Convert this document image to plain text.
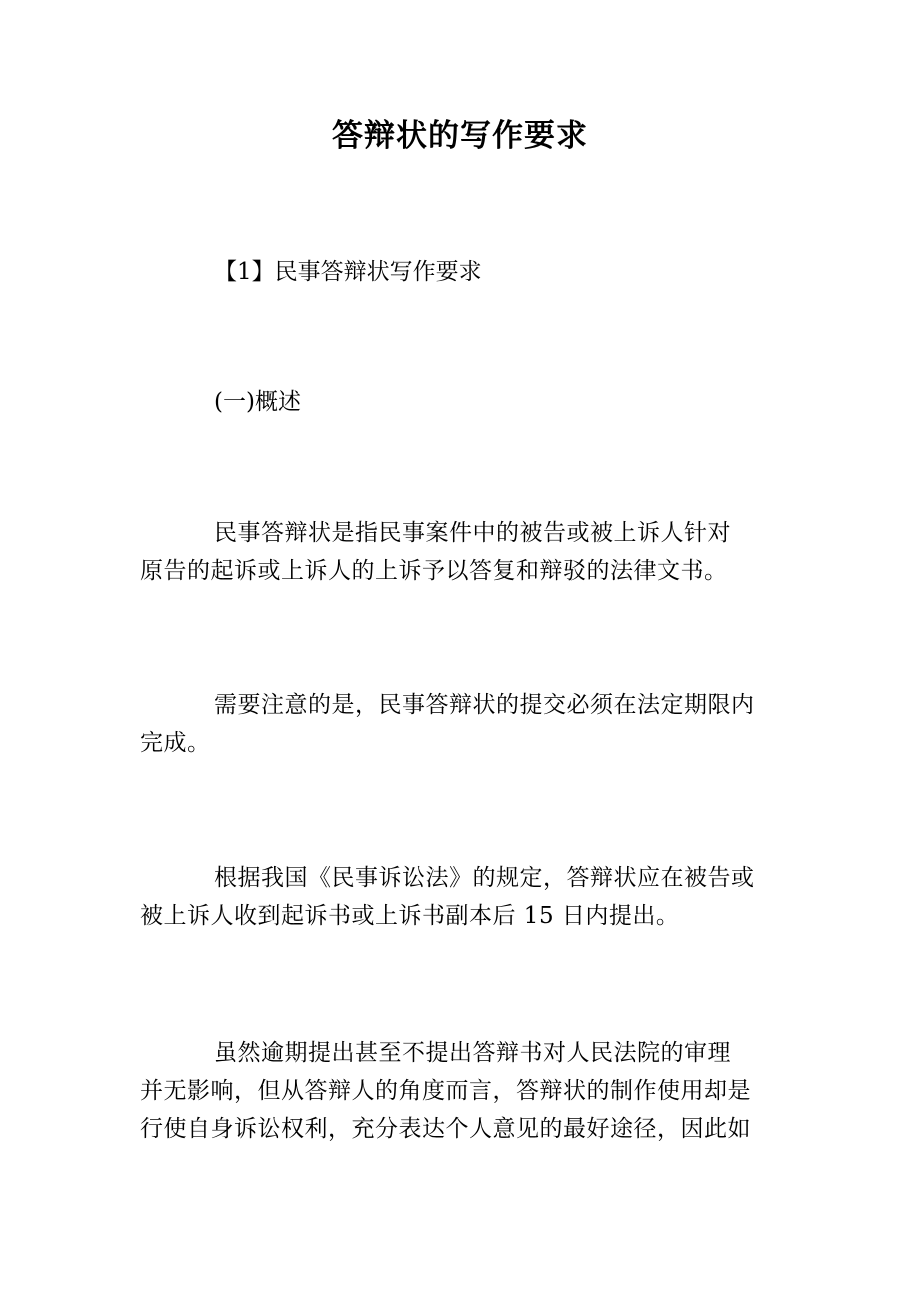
答辩状的写作要求
【1】民事答辩状写作要求
(一)概述
民事答辩状是指民事案件中的被告或被上诉人针对
原告的起诉或上诉人的上诉予以答复和辩驳的法律文书。
需要注意的是，民事答辩状的提交必须在法定期限内
完成。
根据我国《民事诉讼法》的规定，答辩状应在被告或
被上诉人收到起诉书或上诉书副本后 15 日内提出。
虽然逾期提出甚至不提出答辩书对人民法院的审理
并无影响，但从答辩人的角度而言，答辩状的制作使用却是
行使自身诉讼权利，充分表达个人意见的最好途径，因此如
